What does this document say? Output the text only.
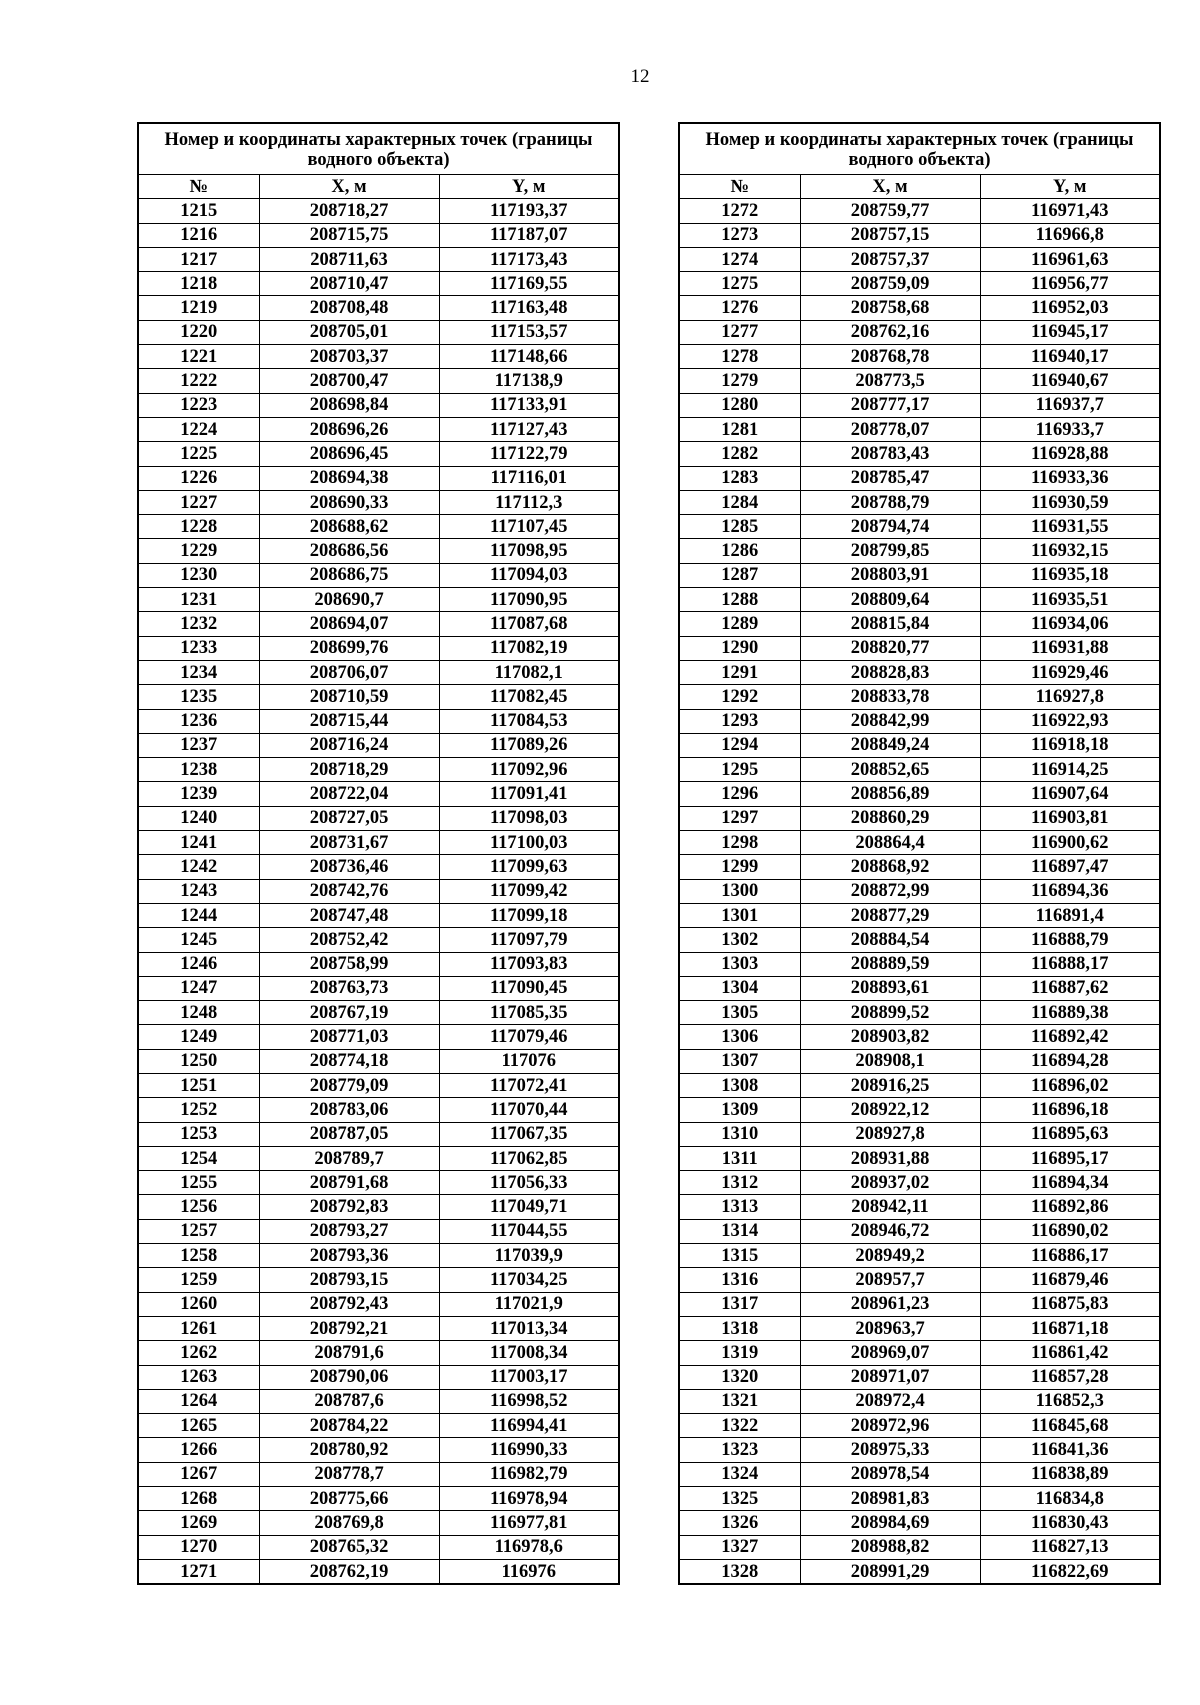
12
Номер и координаты характерных точек (границы водного объекта)		
№	X, м	Y, м
1215	208718,27	117193,37
1216	208715,75	117187,07
1217	208711,63	117173,43
1218	208710,47	117169,55
1219	208708,48	117163,48
1220	208705,01	117153,57
1221	208703,37	117148,66
1222	208700,47	117138,9
1223	208698,84	117133,91
1224	208696,26	117127,43
1225	208696,45	117122,79
1226	208694,38	117116,01
1227	208690,33	117112,3
1228	208688,62	117107,45
1229	208686,56	117098,95
1230	208686,75	117094,03
1231	208690,7	117090,95
1232	208694,07	117087,68
1233	208699,76	117082,19
1234	208706,07	117082,1
1235	208710,59	117082,45
1236	208715,44	117084,53
1237	208716,24	117089,26
1238	208718,29	117092,96
1239	208722,04	117091,41
1240	208727,05	117098,03
1241	208731,67	117100,03
1242	208736,46	117099,63
1243	208742,76	117099,42
1244	208747,48	117099,18
1245	208752,42	117097,79
1246	208758,99	117093,83
1247	208763,73	117090,45
1248	208767,19	117085,35
1249	208771,03	117079,46
1250	208774,18	117076
1251	208779,09	117072,41
1252	208783,06	117070,44
1253	208787,05	117067,35
1254	208789,7	117062,85
1255	208791,68	117056,33
1256	208792,83	117049,71
1257	208793,27	117044,55
1258	208793,36	117039,9
1259	208793,15	117034,25
1260	208792,43	117021,9
1261	208792,21	117013,34
1262	208791,6	117008,34
1263	208790,06	117003,17
1264	208787,6	116998,52
1265	208784,22	116994,41
1266	208780,92	116990,33
1267	208778,7	116982,79
1268	208775,66	116978,94
1269	208769,8	116977,81
1270	208765,32	116978,6
1271	208762,19	116976
Номер и координаты характерных точек (границы водного объекта)		
№	X, м	Y, м
1272	208759,77	116971,43
1273	208757,15	116966,8
1274	208757,37	116961,63
1275	208759,09	116956,77
1276	208758,68	116952,03
1277	208762,16	116945,17
1278	208768,78	116940,17
1279	208773,5	116940,67
1280	208777,17	116937,7
1281	208778,07	116933,7
1282	208783,43	116928,88
1283	208785,47	116933,36
1284	208788,79	116930,59
1285	208794,74	116931,55
1286	208799,85	116932,15
1287	208803,91	116935,18
1288	208809,64	116935,51
1289	208815,84	116934,06
1290	208820,77	116931,88
1291	208828,83	116929,46
1292	208833,78	116927,8
1293	208842,99	116922,93
1294	208849,24	116918,18
1295	208852,65	116914,25
1296	208856,89	116907,64
1297	208860,29	116903,81
1298	208864,4	116900,62
1299	208868,92	116897,47
1300	208872,99	116894,36
1301	208877,29	116891,4
1302	208884,54	116888,79
1303	208889,59	116888,17
1304	208893,61	116887,62
1305	208899,52	116889,38
1306	208903,82	116892,42
1307	208908,1	116894,28
1308	208916,25	116896,02
1309	208922,12	116896,18
1310	208927,8	116895,63
1311	208931,88	116895,17
1312	208937,02	116894,34
1313	208942,11	116892,86
1314	208946,72	116890,02
1315	208949,2	116886,17
1316	208957,7	116879,46
1317	208961,23	116875,83
1318	208963,7	116871,18
1319	208969,07	116861,42
1320	208971,07	116857,28
1321	208972,4	116852,3
1322	208972,96	116845,68
1323	208975,33	116841,36
1324	208978,54	116838,89
1325	208981,83	116834,8
1326	208984,69	116830,43
1327	208988,82	116827,13
1328	208991,29	116822,69
